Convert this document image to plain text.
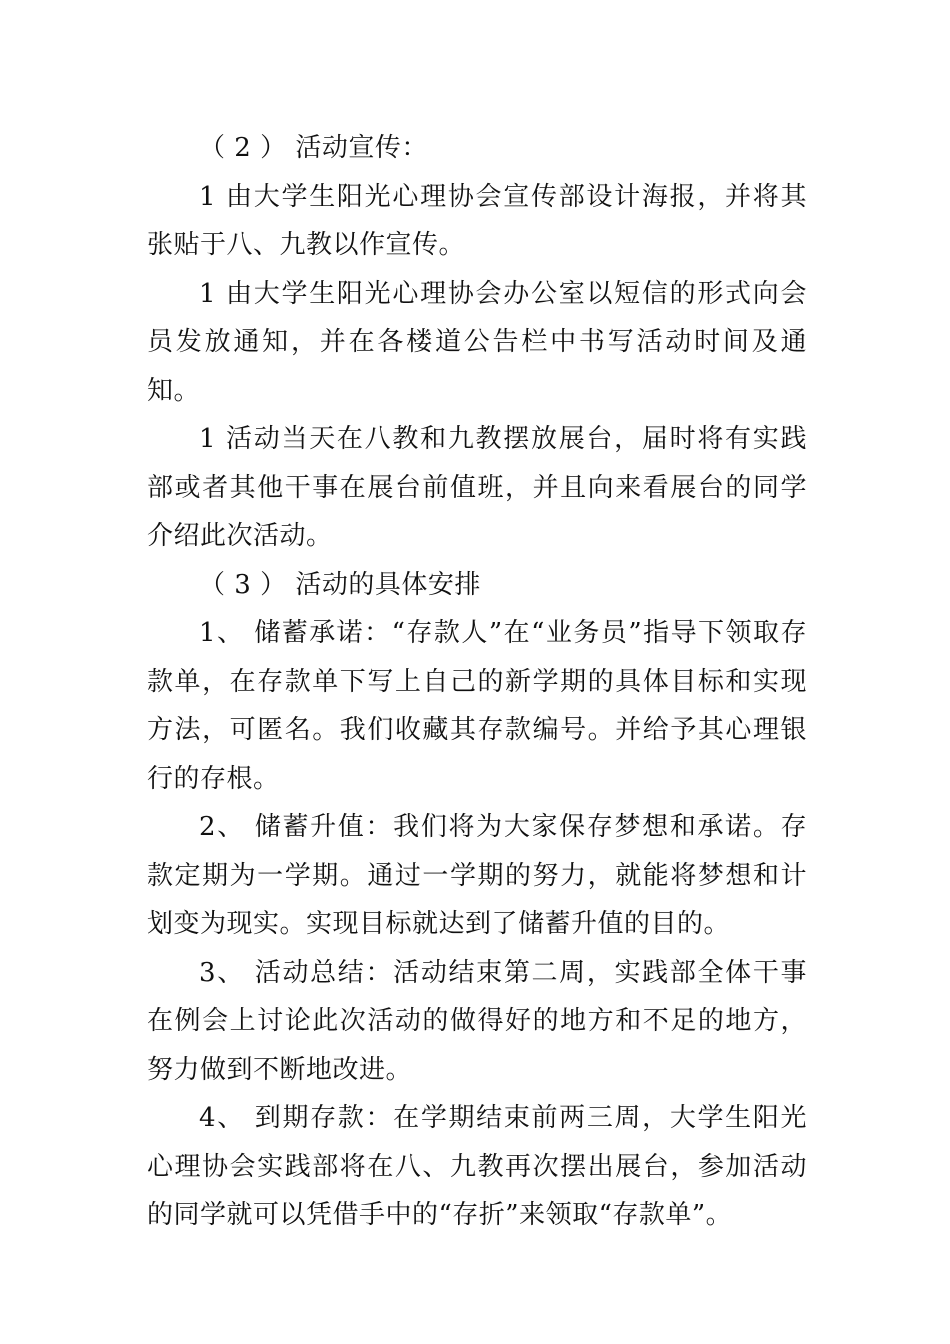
（ 2 ） 活动宣传：

1 由大学生阳光心理协会宣传部设计海报，并将其张贴于八、九教以作宣传。

1 由大学生阳光心理协会办公室以短信的形式向会员发放通知，并在各楼道公告栏中书写活动时间及通知。

1 活动当天在八教和九教摆放展台，届时将有实践部或者其他干事在展台前值班，并且向来看展台的同学介绍此次活动。

（ 3 ） 活动的具体安排

1、 储蓄承诺：“存款人”在“业务员”指导下领取存款单，在存款单下写上自己的新学期的具体目标和实现方法，可匿名。我们收藏其存款编号。并给予其心理银行的存根。

2、 储蓄升值：我们将为大家保存梦想和承诺。存款定期为一学期。通过一学期的努力，就能将梦想和计划变为现实。实现目标就达到了储蓄升值的目的。

3、 活动总结：活动结束第二周，实践部全体干事在例会上讨论此次活动的做得好的地方和不足的地方，努力做到不断地改进。

4、 到期存款：在学期结束前两三周，大学生阳光心理协会实践部将在八、九教再次摆出展台，参加活动的同学就可以凭借手中的“存折”来领取“存款单”。
